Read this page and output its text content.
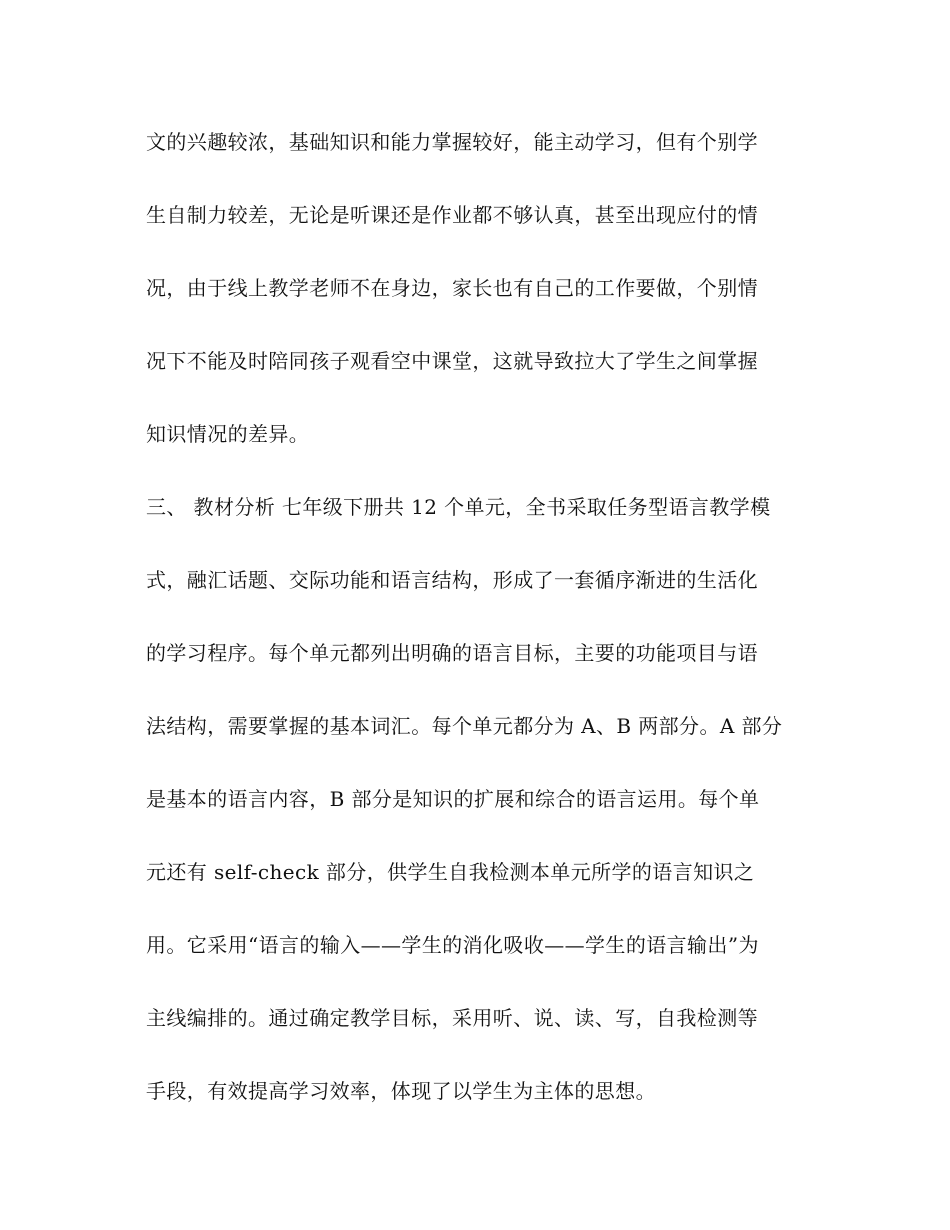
文的兴趣较浓，基础知识和能力掌握较好，能主动学习，但有个别学
生自制力较差，无论是听课还是作业都不够认真，甚至出现应付的情
况，由于线上教学老师不在身边，家长也有自己的工作要做，个别情
况下不能及时陪同孩子观看空中课堂，这就导致拉大了学生之间掌握
知识情况的差异。
三、 教材分析 七年级下册共 12 个单元，全书采取任务型语言教学模
式，融汇话题、交际功能和语言结构，形成了一套循序渐进的生活化
的学习程序。每个单元都列出明确的语言目标，主要的功能项目与语
法结构，需要掌握的基本词汇。每个单元都分为 A、B 两部分。A 部分
是基本的语言内容，B 部分是知识的扩展和综合的语言运用。每个单
元还有 self-check 部分，供学生自我检测本单元所学的语言知识之
用。它采用“语言的输入——学生的消化吸收——学生的语言输出”为
主线编排的。通过确定教学目标，采用听、说、读、写，自我检测等
手段，有效提高学习效率，体现了以学生为主体的思想。
